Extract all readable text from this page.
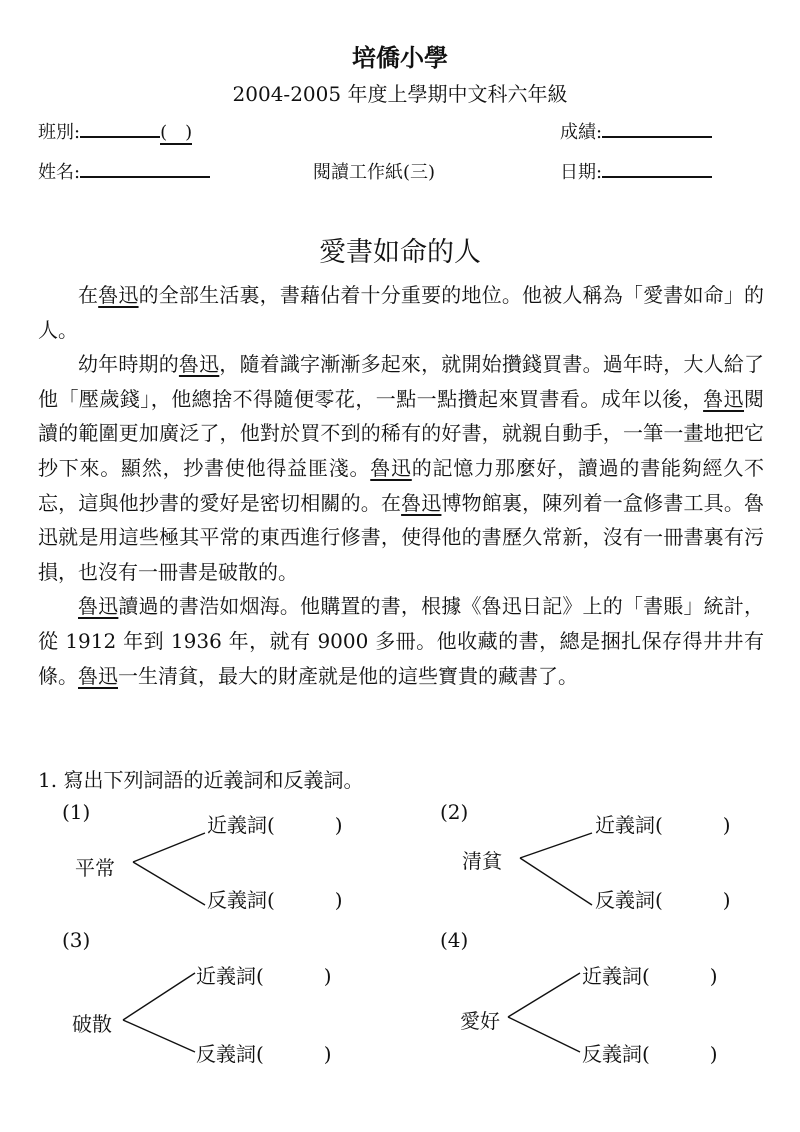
培僑小學
2004-2005 年度上學期中文科六年級
班別:	(　)	成績:
姓名:	閱讀工作紙(三)	日期:
愛書如命的人

在魯迅的全部生活裏，書藉佔着十分重要的地位。他被人稱為「愛書如命」的人。

幼年時期的魯迅，隨着識字漸漸多起來，就開始攢錢買書。過年時，大人給了他「壓歲錢」，他總捨不得隨便零花，一點一點攢起來買書看。成年以後，魯迅閱讀的範圍更加廣泛了，他對於買不到的稀有的好書，就親自動手，一筆一畫地把它抄下來。顯然，抄書使他得益匪淺。魯迅的記憶力那麼好，讀過的書能夠經久不忘，這與他抄書的愛好是密切相關的。在魯迅博物館裏，陳列着一盒修書工具。魯迅就是用這些極其平常的東西進行修書，使得他的書歷久常新，沒有一冊書裏有污損，也沒有一冊書是破散的。

魯迅讀過的書浩如烟海。他購置的書，根據《魯迅日記》上的「書賬」統計，從 1912 年到 1936 年，就有 9000 多冊。他收藏的書，總是捆扎保存得井井有條。魯迅一生清貧，最大的財產就是他的這些寶貴的藏書了。

1. 寫出下列詞語的近義詞和反義詞。
(1)
平常
近義詞(　　　)
反義詞(　　　)
(2)
清貧
近義詞(　　　)
反義詞(　　　)
(3)
破散
近義詞(　　　)
反義詞(　　　)
(4)
愛好
近義詞(　　　)
反義詞(　　　)
